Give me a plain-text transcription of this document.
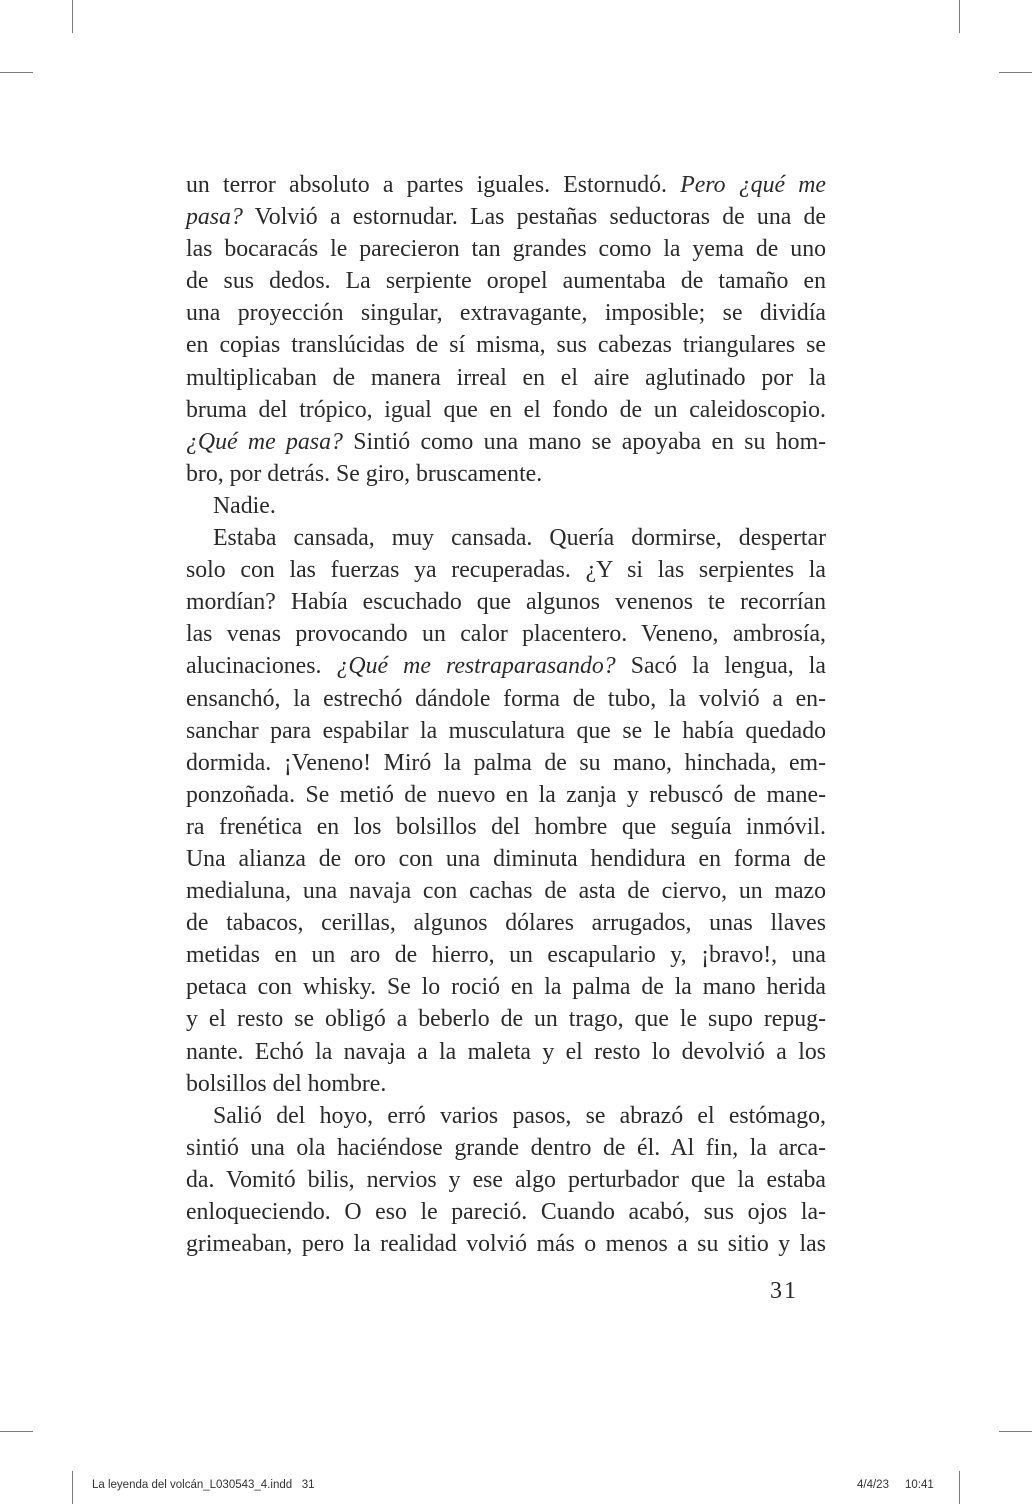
un terror absoluto a partes iguales. Estornudó. Pero ¿qué me
pasa? Volvió a estornudar. Las pestañas seductoras de una de
las bocaracás le parecieron tan grandes como la yema de uno
de sus dedos. La serpiente oropel aumentaba de tamaño en
una proyección singular, extravagante, imposible; se dividía
en copias translúcidas de sí misma, sus cabezas triangulares se
multiplicaban de manera irreal en el aire aglutinado por la
bruma del trópico, igual que en el fondo de un caleidoscopio.
¿Qué me pasa? Sintió como una mano se apoyaba en su hom-
bro, por detrás. Se giro, bruscamente.
Nadie.
Estaba cansada, muy cansada. Quería dormirse, despertar
solo con las fuerzas ya recuperadas. ¿Y si las serpientes la
mordían? Había escuchado que algunos venenos te recorrían
las venas provocando un calor placentero. Veneno, ambrosía,
alucinaciones. ¿Qué me restraparasando? Sacó la lengua, la
ensanchó, la estrechó dándole forma de tubo, la volvió a en-
sanchar para espabilar la musculatura que se le había quedado
dormida. ¡Veneno! Miró la palma de su mano, hinchada, em-
ponzoñada. Se metió de nuevo en la zanja y rebuscó de mane-
ra frenética en los bolsillos del hombre que seguía inmóvil.
Una alianza de oro con una diminuta hendidura en forma de
medialuna, una navaja con cachas de asta de ciervo, un mazo
de tabacos, cerillas, algunos dólares arrugados, unas llaves
metidas en un aro de hierro, un escapulario y, ¡bravo!, una
petaca con whisky. Se lo roció en la palma de la mano herida
y el resto se obligó a beberlo de un trago, que le supo repug-
nante. Echó la navaja a la maleta y el resto lo devolvió a los
bolsillos del hombre.
Salió del hoyo, erró varios pasos, se abrazó el estómago,
sintió una ola haciéndose grande dentro de él. Al fin, la arca-
da. Vomitó bilis, nervios y ese algo perturbador que la estaba
enloqueciendo. O eso le pareció. Cuando acabó, sus ojos la-
grimeaban, pero la realidad volvió más o menos a su sitio y las
31
La leyenda del volcán_L030543_4.indd   31	4/4/23 10:41
